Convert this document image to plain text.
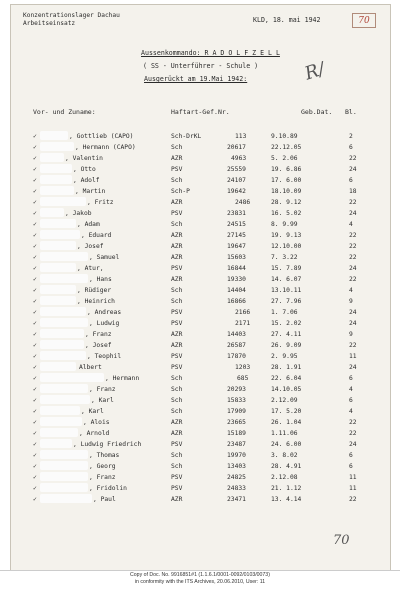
Konzentrationslager Dachau
Arbeitseinsatz	KLD, 18. mai 1942	70
Aussenkommando: R A D O L F Z E L L
( SS - Unterführer - Schule )
Ausgerückt am 19.Mai 1942:	R/
Vor- und Zuname:	Haftart-Gef.Nr.	Geb.Dat. Bl.
✓	, Gottlieb (CAPO)	Sch-DrKL	113	9.10.89	2
✓	, Hermann (CAPO)	Sch	20617	22.12.05	6
✓	, Valentin	AZR	4963	5. 2.06	22
✓	, Otto	PSV	25559	19. 6.86	24
✓	, Adolf	Sch	24107	17. 6.00	6
✓	, Martin	Sch-P	19642	18.10.09	18
✓	, Fritz	AZR	2486	28. 9.12	22
✓	, Jakob	PSV	23831	16. 5.02	24
✓	, Adam	Sch	24515	8. 9.99	4
✓	, Eduard	AZR	27145	19. 9.13	22
✓	, Josef	AZR	19647	12.10.00	22
✓	, Samuel	AZR	15603	7. 3.22	22
✓	, Atur,	PSV	16844	15. 7.89	24
✓	, Hans	AZR	19330	14. 6.07	22
✓	, Rüdiger	Sch	14404	13.10.11	4
✓	, Heinrich	Sch	16866	27. 7.96	9
✓	, Andreas	PSV	2166	1. 7.06	24
✓	, Ludwig	PSV	2171	15. 2.02	24
✓	, Franz	AZR	14403	27. 4.11	9
✓	, Josef	AZR	26587	26. 9.09	22
✓	, Teophil	PSV	17870	2. 9.95	11
✓	Albert	PSV	1203	28. 1.91	24
✓	, Hermann	Sch	685	22. 6.04	6
✓	, Franz	Sch	20293	14.10.05	4
✓	, Karl	Sch	15833	2.12.09	6
✓	, Karl	Sch	17909	17. 5.20	4
✓	, Alois	AZR	23665	26. 1.04	22
✓	, Arnold	AZR	15189	1.11.06	22
✓	, Ludwig Friedrich	PSV	23487	24. 6.00	24
✓	, Thomas	Sch	19970	3. 8.02	6
✓	, Georg	Sch	13403	28. 4.91	6
✓	, Franz	PSV	24825	2.12.08	11
✓	, Fridolin	PSV	24833	21. 1.12	11
✓	, Paul	AZR	23471	13. 4.14	22
70
Copy of Doc. No. 9916851#1 (1.1.6.1/0001-0092/0103/0073)
in conformity with the ITS Archives, 20.06.2010, User: 11
